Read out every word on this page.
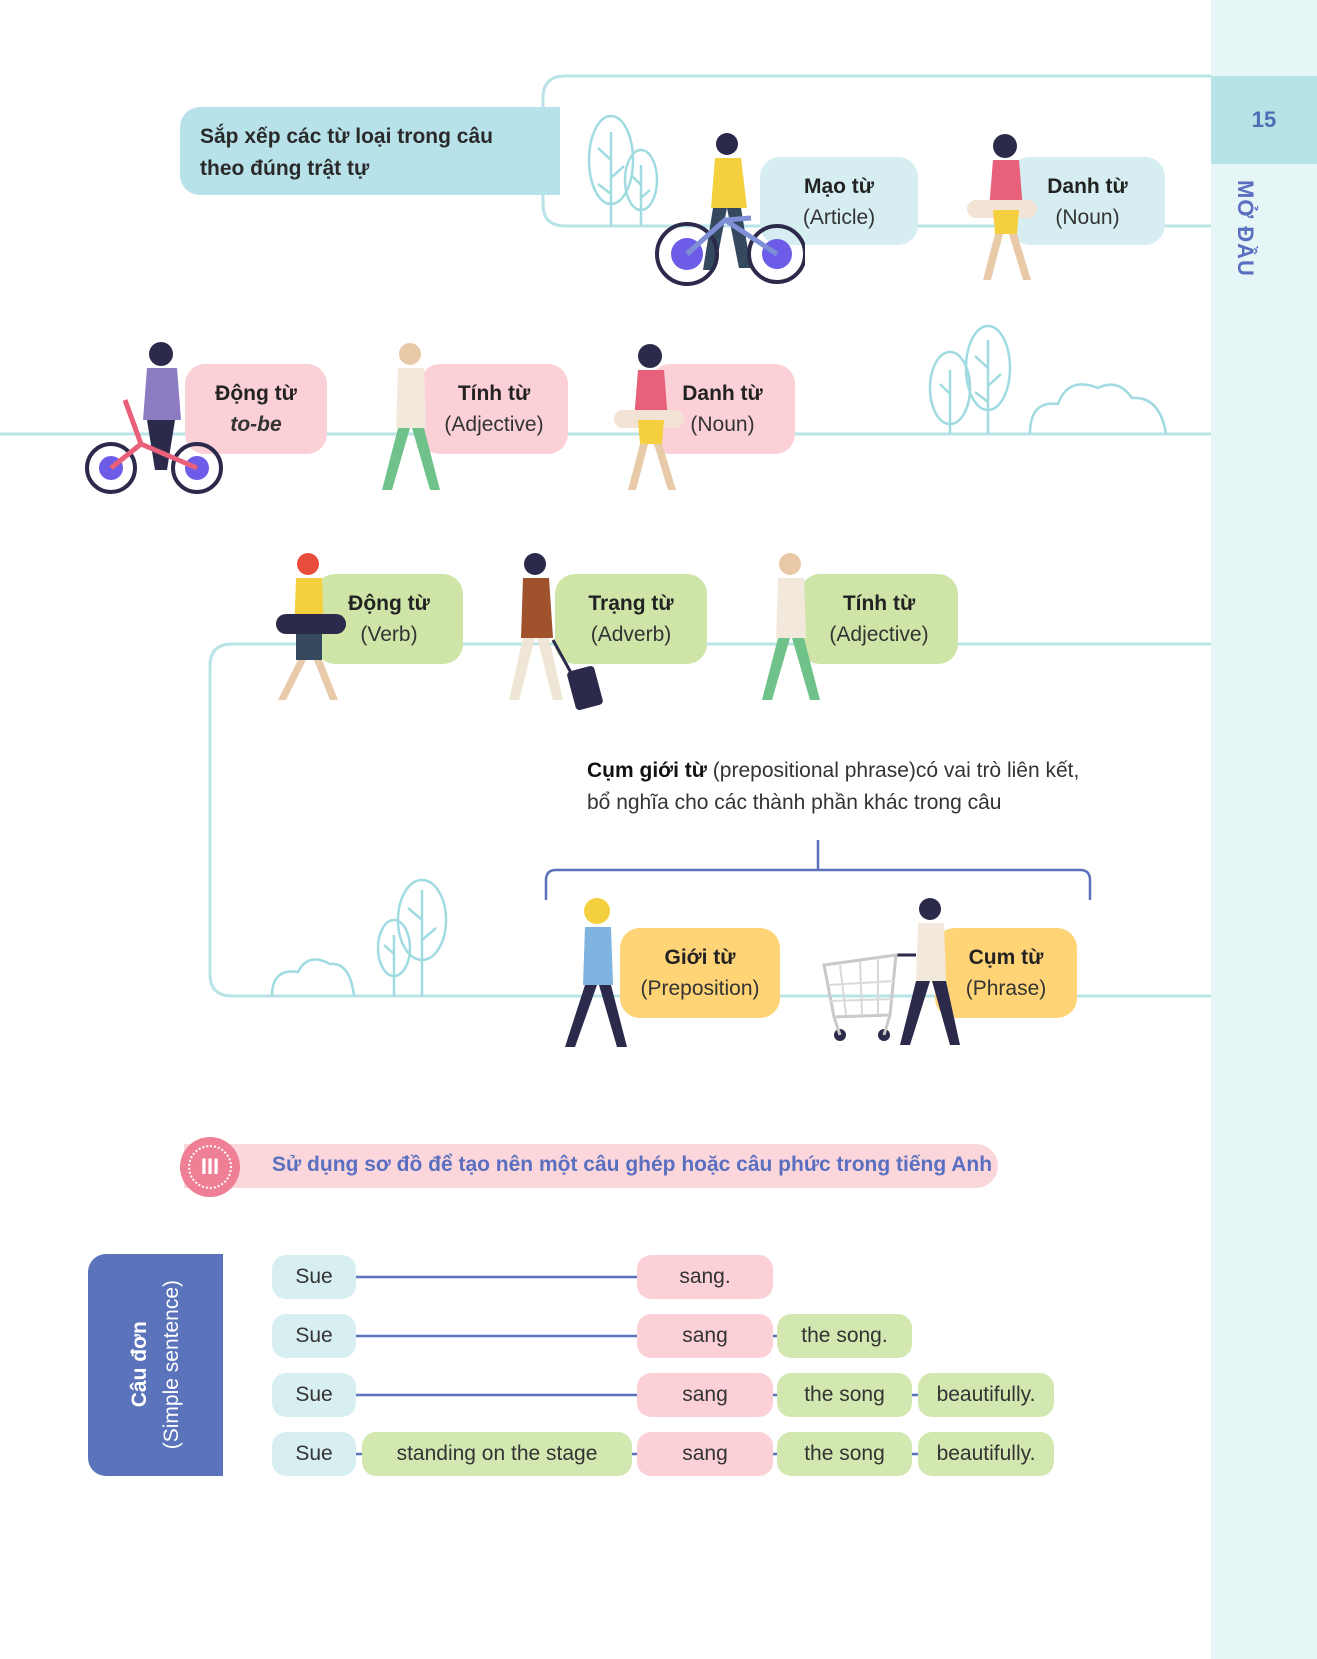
15
MỞ ĐẦU
Sắp xếp các từ loại trong câu
theo đúng trật tự
Mạo từ
(Article)
Danh từ
(Noun)
Động từ
to-be
Tính từ
(Adjective)
Danh từ
(Noun)
Động từ
(Verb)
Trạng từ
(Adverb)
Tính từ
(Adjective)
Cụm giới từ (prepositional phrase)có vai trò liên kết, bổ nghĩa cho các thành phần khác trong câu
Giới từ
(Preposition)
Cụm từ
(Phrase)
III	Sử dụng sơ đồ để tạo nên một câu ghép hoặc câu phức trong tiếng Anh
Câu đơn (Simple sentence)
Sue	sang.
Sue	sang	the song.
Sue	sang	the song	beautifully.
Sue	standing on the stage	sang	the song	beautifully.
